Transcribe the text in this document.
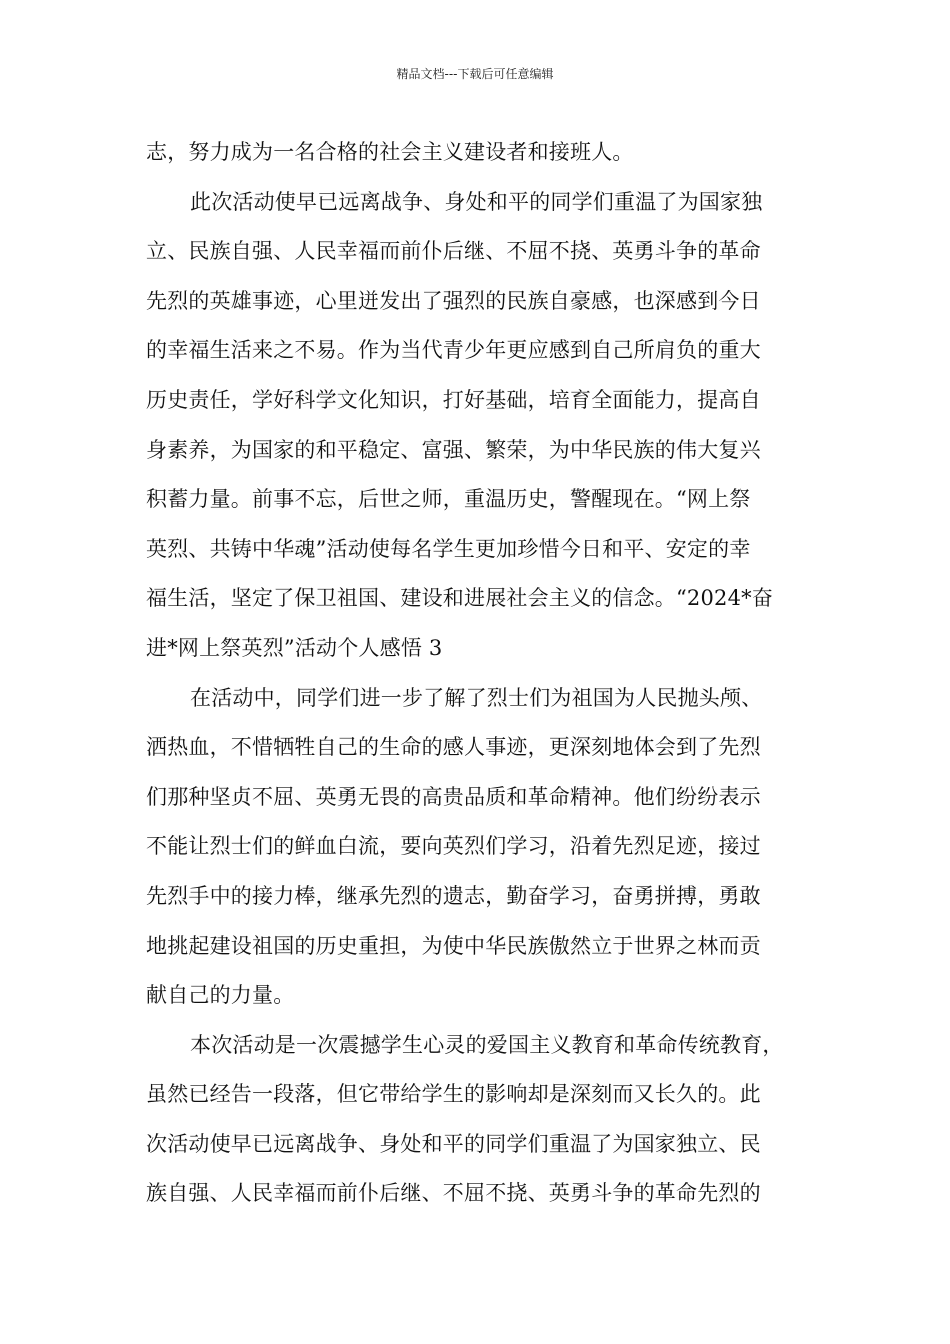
精品文档---下载后可任意编辑
志，努力成为一名合格的社会主义建设者和接班人。
此次活动使早已远离战争、身处和平的同学们重温了为国家独
立、民族自强、人民幸福而前仆后继、不屈不挠、英勇斗争的革命
先烈的英雄事迹，心里迸发出了强烈的民族自豪感，也深感到今日
的幸福生活来之不易。作为当代青少年更应感到自己所肩负的重大
历史责任，学好科学文化知识，打好基础，培育全面能力，提高自
身素养，为国家的和平稳定、富强、繁荣，为中华民族的伟大复兴
积蓄力量。前事不忘，后世之师，重温历史，警醒现在。“网上祭
英烈、共铸中华魂”活动使每名学生更加珍惜今日和平、安定的幸
福生活，坚定了保卫祖国、建设和进展社会主义的信念。“2024*奋
进*网上祭英烈”活动个人感悟 3
在活动中，同学们进一步了解了烈士们为祖国为人民抛头颅、
洒热血，不惜牺牲自己的生命的感人事迹，更深刻地体会到了先烈
们那种坚贞不屈、英勇无畏的高贵品质和革命精神。他们纷纷表示
不能让烈士们的鲜血白流，要向英烈们学习，沿着先烈足迹，接过
先烈手中的接力棒，继承先烈的遗志，勤奋学习，奋勇拼搏，勇敢
地挑起建设祖国的历史重担，为使中华民族傲然立于世界之林而贡
献自己的力量。
本次活动是一次震撼学生心灵的爱国主义教育和革命传统教育，
虽然已经告一段落，但它带给学生的影响却是深刻而又长久的。此
次活动使早已远离战争、身处和平的同学们重温了为国家独立、民
族自强、人民幸福而前仆后继、不屈不挠、英勇斗争的革命先烈的
